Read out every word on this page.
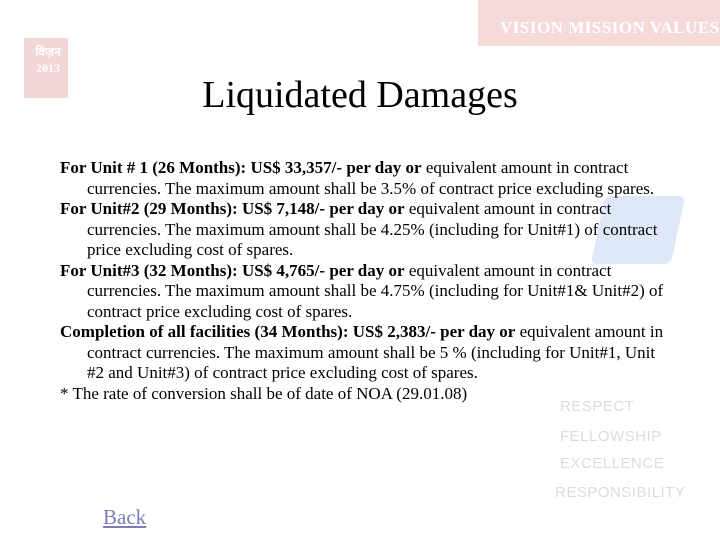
VISION MISSION VALUES
विज़न
2013
RESPECT
FELLOWSHIP
EXCELLENCE
RESPONSIBILITY
Liquidated Damages

For Unit # 1 (26 Months): US$ 33,357/- per day or equivalent amount in contract currencies. The maximum amount shall be 3.5% of contract price excluding spares.

For Unit#2 (29 Months): US$ 7,148/- per day or equivalent amount in contract currencies. The maximum amount shall be 4.25% (including for Unit#1) of contract price excluding cost of spares.

For Unit#3 (32 Months): US$ 4,765/- per day or equivalent amount in contract currencies. The maximum amount shall be 4.75% (including for Unit#1& Unit#2) of contract price excluding cost of spares.

Completion of all facilities (34 Months): US$ 2,383/- per day or equivalent amount in contract currencies. The maximum amount shall be 5 % (including for Unit#1, Unit #2 and Unit#3) of contract price excluding cost of spares.

* The rate of conversion shall be of date of NOA (29.01.08)

Back
